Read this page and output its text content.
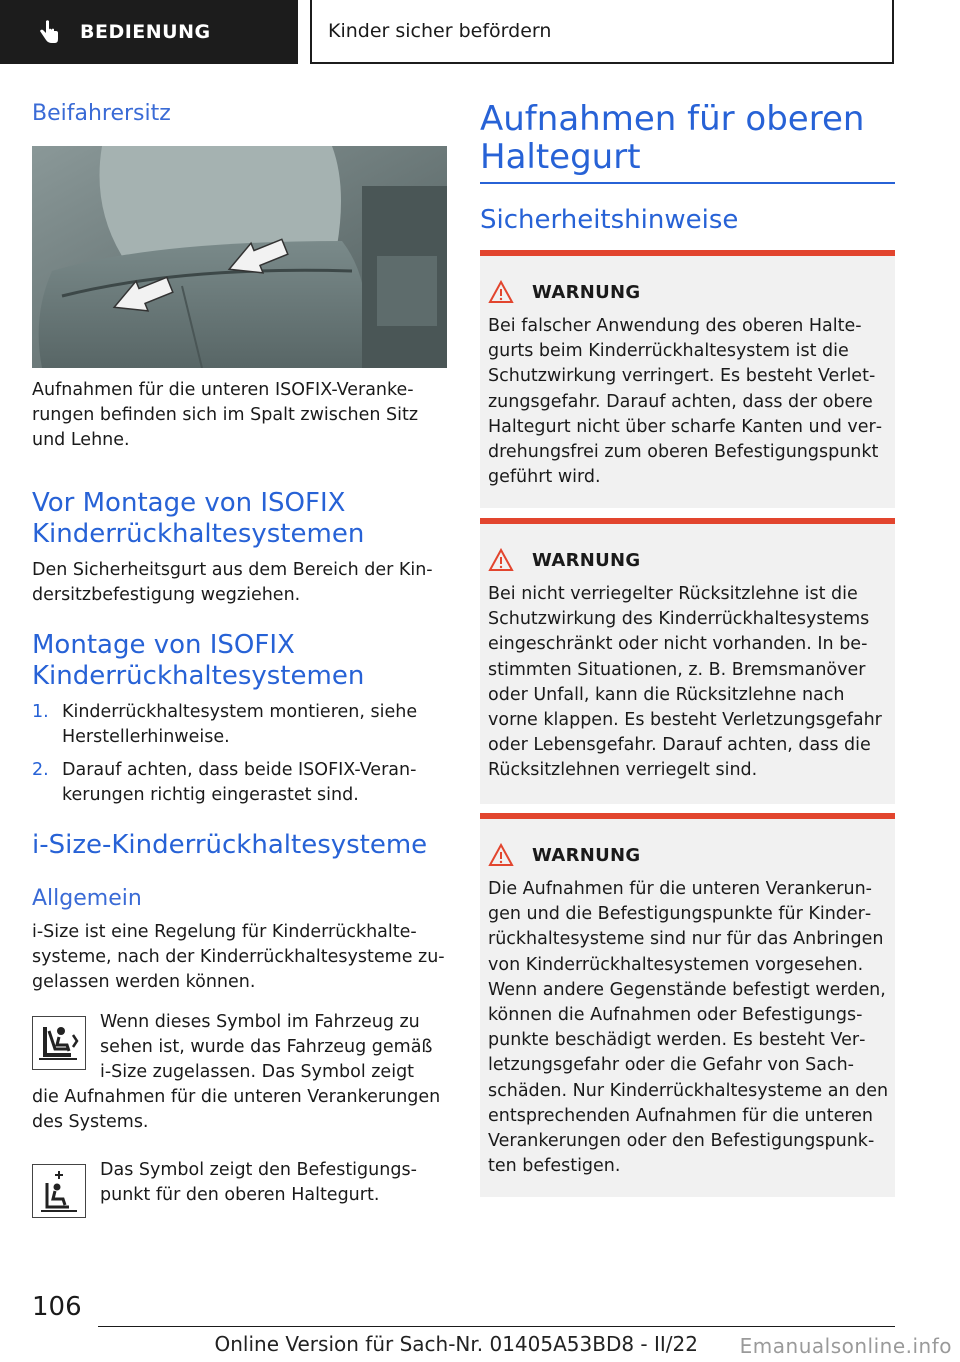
BEDIENUNG	Kinder sicher befördern
Beifahrersitz

Aufnahmen für die unteren ISOFIX-Verankerungen befinden sich im Spalt zwischen Sitz und Lehne.

Vor Montage von ISOFIX Kinderrückhaltesystemen

Den Sicherheitsgurt aus dem Bereich der Kindersitzbefestigung wegziehen.

Montage von ISOFIX Kinderrückhaltesystemen
1. Kinderrückhaltesystem montieren, siehe Herstellerhinweise.
2. Darauf achten, dass beide ISOFIX-Verankerungen richtig eingerastet sind.
i-Size-Kinderrückhaltesysteme
Allgemein

i-Size ist eine Regelung für Kinderrückhaltesysteme, nach der Kinderrückhaltesysteme zugelassen werden können.

Wenn dieses Symbol im Fahrzeug zu sehen ist, wurde das Fahrzeug gemäß i-Size zugelassen. Das Symbol zeigt

die Aufnahmen für die unteren Verankerungen des Systems.

Das Symbol zeigt den Befestigungspunkt für den oberen Haltegurt.

Aufnahmen für oberen Haltegurt
Sicherheitshinweise
WARNUNG

Bei falscher Anwendung des oberen Haltegurts beim Kinderrückhaltesystem ist die Schutzwirkung verringert. Es besteht Verletzungsgefahr. Darauf achten, dass der obere Haltegurt nicht über scharfe Kanten und verdrehungsfrei zum oberen Befestigungspunkt geführt wird.

WARNUNG

Bei nicht verriegelter Rücksitzlehne ist die Schutzwirkung des Kinderrückhaltesystems eingeschränkt oder nicht vorhanden. In bestimmten Situationen, z. B. Bremsmanöver oder Unfall, kann die Rücksitzlehne nach vorne klappen. Es besteht Verletzungsgefahr oder Lebensgefahr. Darauf achten, dass die Rücksitzlehnen verriegelt sind.

WARNUNG

Die Aufnahmen für die unteren Verankerungen und die Befestigungspunkte für Kinderrückhaltesysteme sind nur für das Anbringen von Kinderrückhaltesystemen vorgesehen. Wenn andere Gegenstände befestigt werden, können die Aufnahmen oder Befestigungspunkte beschädigt werden. Es besteht Verletzungsgefahr oder die Gefahr von Sachschäden. Nur Kinderrückhaltesysteme an den entsprechenden Aufnahmen für die unteren Verankerungen oder den Befestigungspunkten befestigen.

106
Online Version für Sach-Nr. 01405A53BD8 - II/22 Emanualsonline.info
